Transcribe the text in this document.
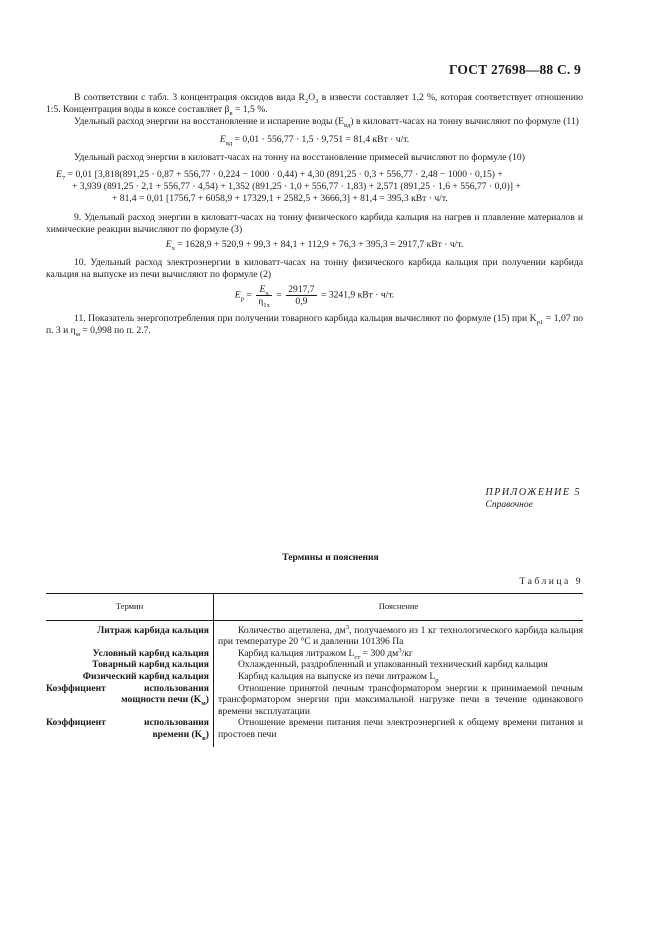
ГОСТ 27698—88 С. 9

В соответствии с табл. 3 концентрация оксидов вида $R_2O_3$ в извести составляет 1,2 %, которая соответствует отношению 1:5. Концентрация воды в коксе составляет $\beta_в = 1,5$ %.

Удельный расход энергии на восстановление и испарение воды $(E_{вд})$ в киловатт-часах на тонну вычисляют по формуле (11)

$E_{вд} = 0,01 \cdot 556,77 \cdot 1,5 \cdot 9,751 = 81,4$ кВт · ч/т.

Удельный расход энергии в киловатт-часах на тонну на восстановление примесей вычисляют по формуле (10)

$E_7 = 0,01$ [3,818(891,25 · 0,87 + 556,77 · 0,224 − 1000 · 0,44) + 4,30 (891,25 · 0,3 + 556,77 · 2,48 − 1000 · 0,15) +
+ 3,939 (891,25 · 2,1 + 556,77 · 4,54) + 1,352 (891,25 · 1,0 + 556,77 · 1,83) + 2,571 (891,25 · 1,6 + 556,77 · 0,0)] +
+ 81,4 = 0,01 [1756,7 + 6058,9 + 17329,1 + 2582,5 + 3666,3] + 81,4 = 395,3 кВт · ч/т.

9. Удельный расход энергии в киловатт-часах на тонну физического карбида кальция на нагрев и плавление материалов и химические реакции вычисляют по формуле (3)

$E_х = 1628,9 + 520,9 + 99,3 + 84,1 + 112,9 + 76,3 + 395,3 = 2917,7$ кВт · ч/т.

10. Удельный расход электроэнергии в киловатт-часах на тонну физического карбида кальция при получении карбида кальция на выпуске из печи вычисляют по формуле (2)

$E_р = \frac{E_х}{\eta_{1х}} = \frac{2917,7}{0,9} = 3241,9$ кВт · ч/т.

11. Показатель энергопотребления при получении товарного карбида кальция вычисляют по формуле (15) при $K_{р1} = 1,07$ по п. 3 и $\eta_м = 0,998$ по п. 2.7.

ПРИЛОЖЕНИЕ 5
Справочное
Термины и пояснения
Таблица 9
Термин	Пояснение
Литраж карбида кальция	Количество ацетилена, $дм^3$, получаемого из 1 кг технологического карбида кальция при температуре 20 °С и давлении 101396 Па

Условный карбид кальция	Карбид кальция литражом $L_{ст} = 300$ $дм^3/кг$

Товарный карбид кальция	Охлажденный, раздробленный и упакованный технический карбид кальция

Физический карбид кальция	Карбид кальция на выпуске из печи литражом $L_р$

Коэффициент использования
мощности печи $(K_м)$	Отношение принятой печным трансформатором энергии к принимаемой печным трансформатором энергии при максимальной нагрузке печи в течение одинакового времени эксплуатации

Коэффициент использования
времени $(K_в)$	Отношение времени питания печи электроэнергией к общему времени питания и простоев печи
